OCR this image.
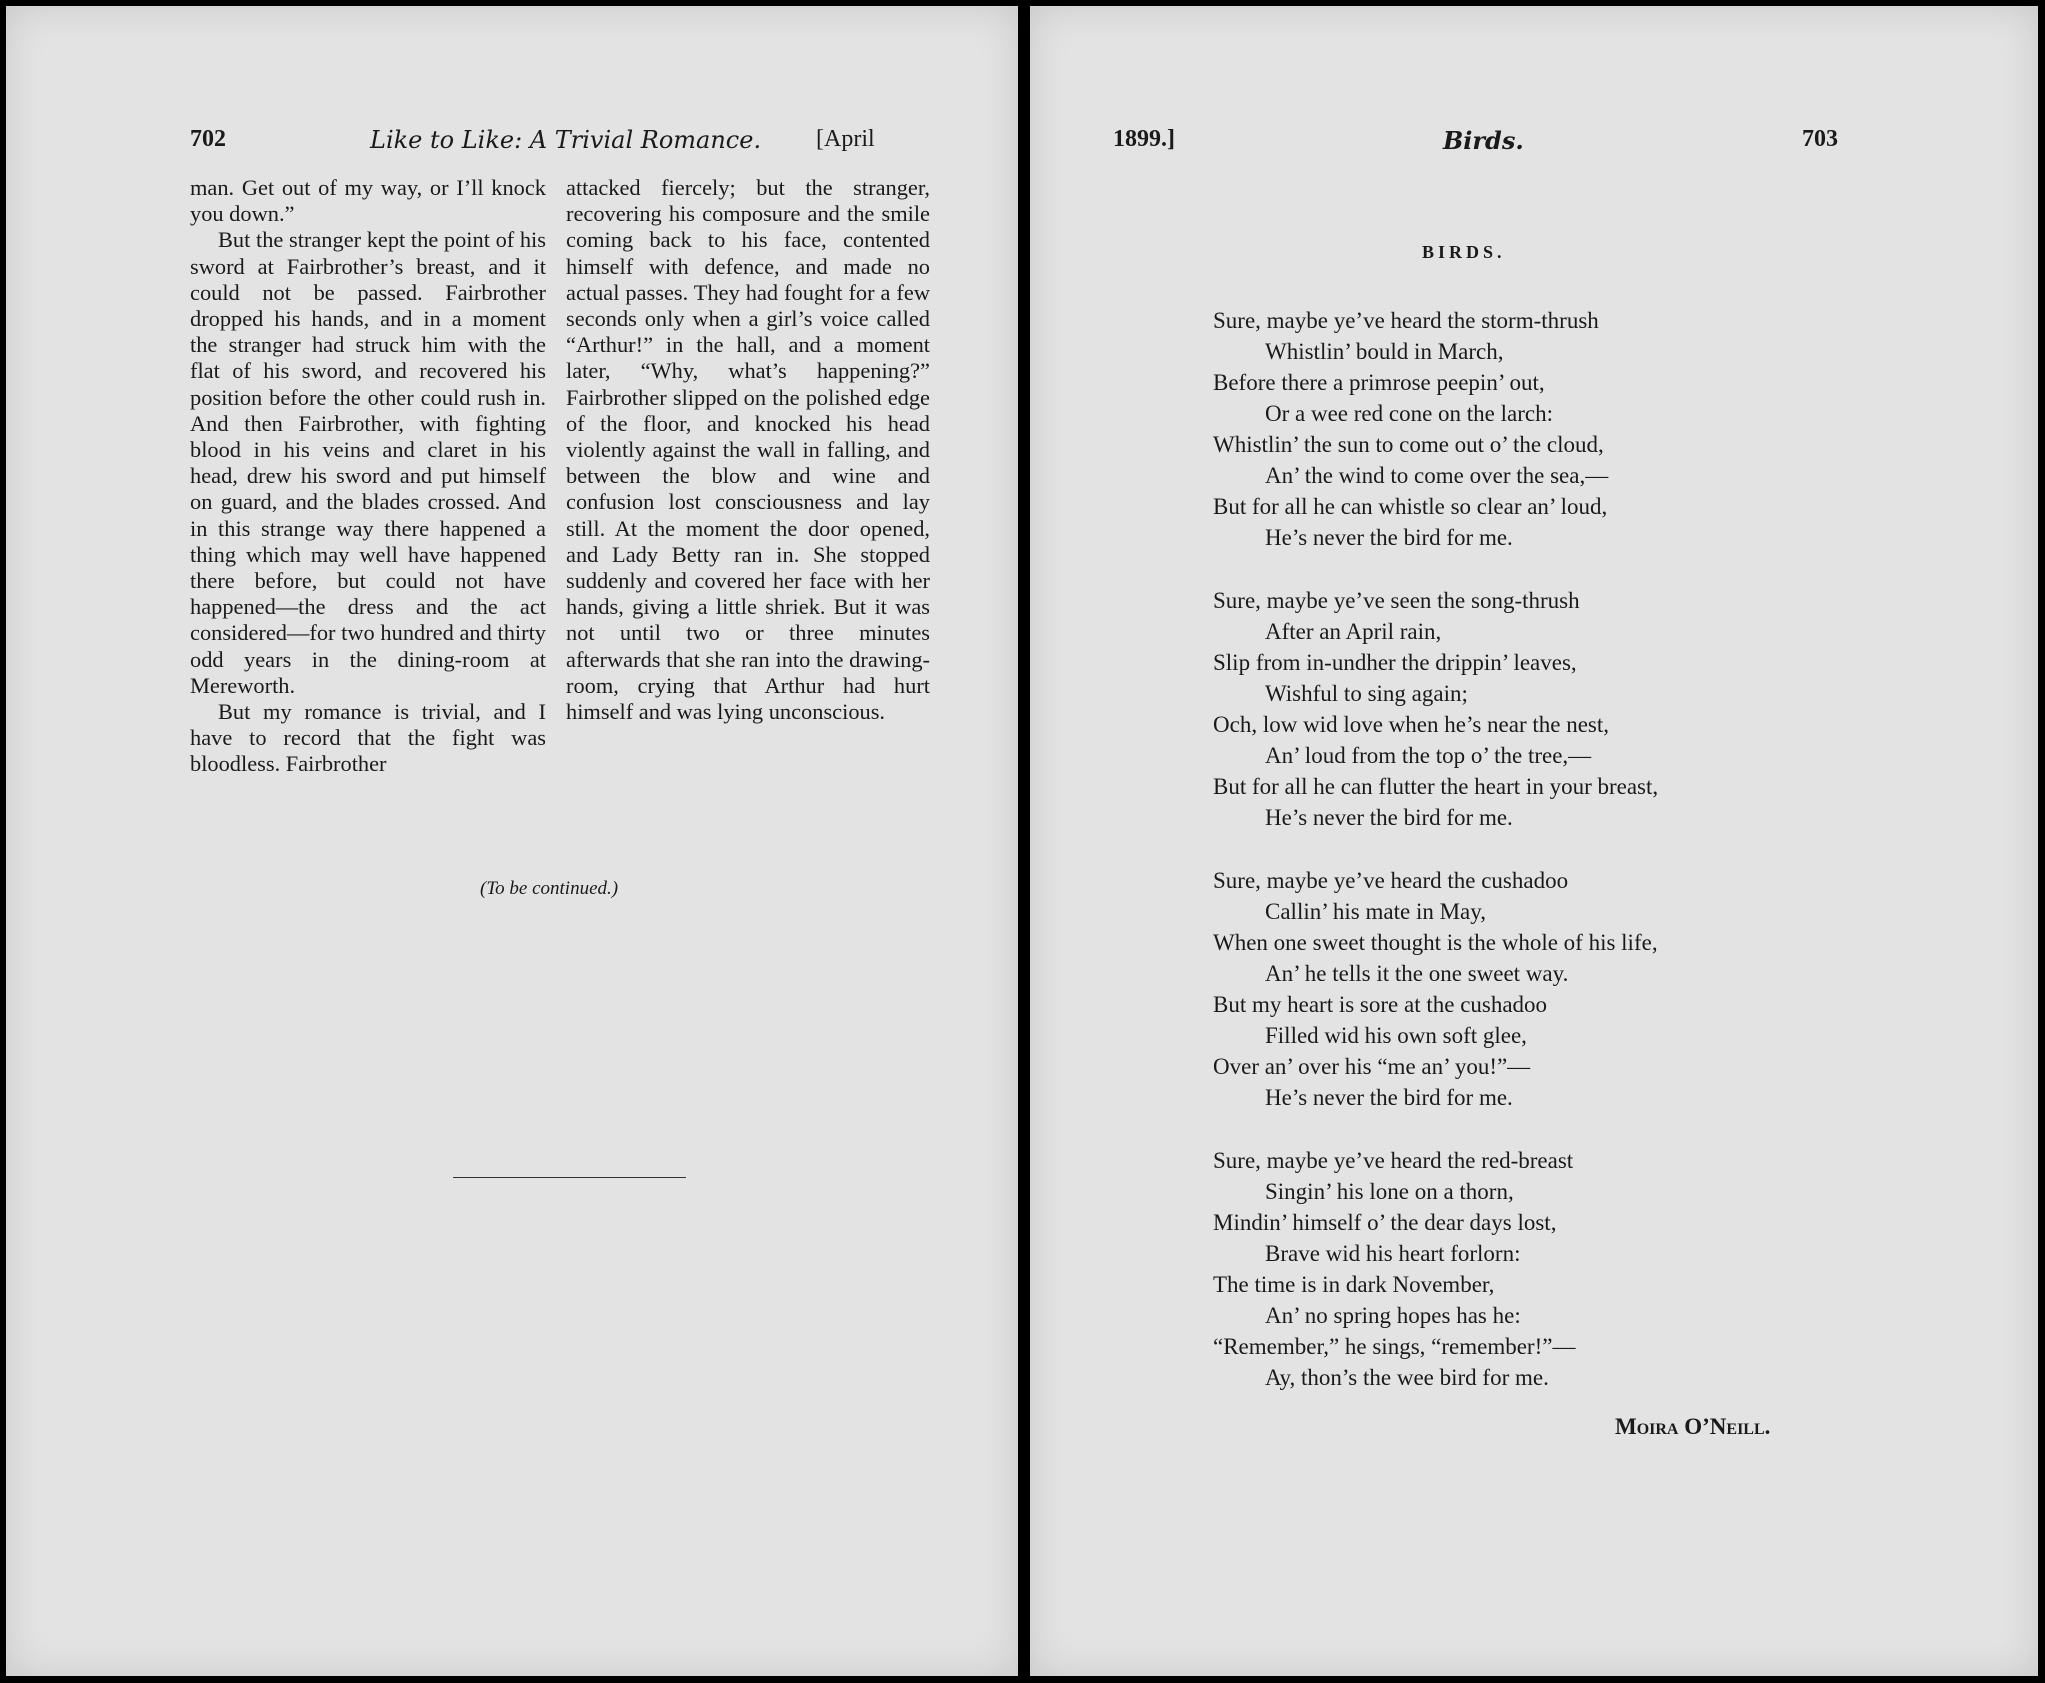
702	Like to Like: A Trivial Romance. [April

man. Get out of my way, or I’ll knock you down.”

But the stranger kept the point of his sword at Fairbrother’s breast, and it could not be passed. Fairbrother dropped his hands, and in a moment the stranger had struck him with the flat of his sword, and recovered his position before the other could rush in. And then Fairbrother, with fighting blood in his veins and claret in his head, drew his sword and put himself on guard, and the blades crossed. And in this strange way there happened a thing which may well have happened there before, but could not have happened—the dress and the act considered—for two hundred and thirty odd years in the dining-room at Mereworth.

But my romance is trivial, and I have to record that the fight was bloodless. Fairbrother

attacked fiercely; but the stranger, recovering his composure and the smile coming back to his face, contented himself with defence, and made no actual passes. They had fought for a few seconds only when a girl’s voice called “Arthur!” in the hall, and a moment later, “Why, what’s happening?” Fairbrother slipped on the polished edge of the floor, and knocked his head violently against the wall in falling, and between the blow and wine and confusion lost consciousness and lay still. At the moment the door opened, and Lady Betty ran in. She stopped suddenly and covered her face with her hands, giving a little shriek. But it was not until two or three minutes afterwards that she ran into the drawing-room, crying that Arthur had hurt himself and was lying unconscious.

(To be continued.)
1899.]	Birds.	703
BIRDS.
Sure, maybe ye’ve heard the storm-thrush
Whistlin’ bould in March,
Before there a primrose peepin’ out,
Or a wee red cone on the larch:
Whistlin’ the sun to come out o’ the cloud,
An’ the wind to come over the sea,—
But for all he can whistle so clear an’ loud,
He’s never the bird for me.
Sure, maybe ye’ve seen the song-thrush
After an April rain,
Slip from in-undher the drippin’ leaves,
Wishful to sing again;
Och, low wid love when he’s near the nest,
An’ loud from the top o’ the tree,—
But for all he can flutter the heart in your breast,
He’s never the bird for me.
Sure, maybe ye’ve heard the cushadoo
Callin’ his mate in May,
When one sweet thought is the whole of his life,
An’ he tells it the one sweet way.
But my heart is sore at the cushadoo
Filled wid his own soft glee,
Over an’ over his “me an’ you!”—
He’s never the bird for me.
Sure, maybe ye’ve heard the red-breast
Singin’ his lone on a thorn,
Mindin’ himself o’ the dear days lost,
Brave wid his heart forlorn:
The time is in dark November,
An’ no spring hopes has he:
“Remember,” he sings, “remember!”—
Ay, thon’s the wee bird for me.
Moira O’Neill.
